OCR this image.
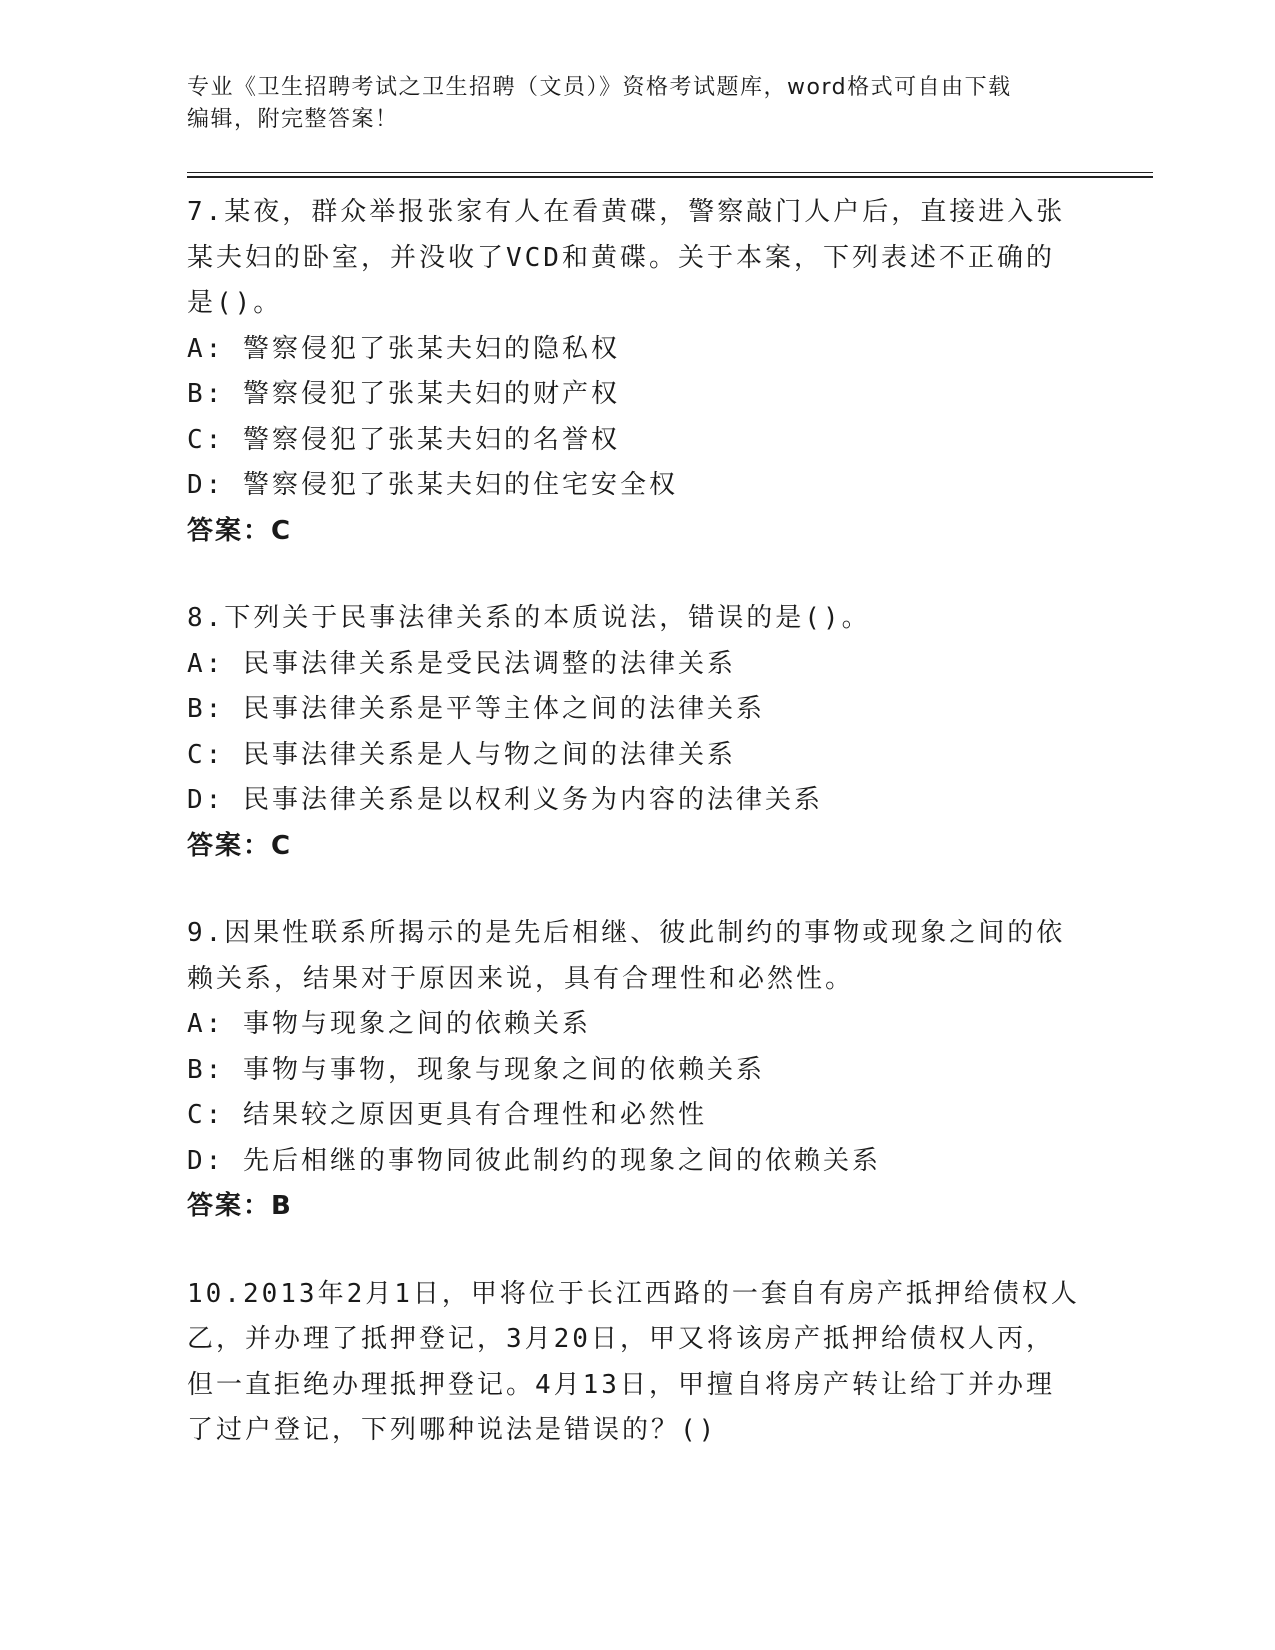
专业《卫生招聘考试之卫生招聘（文员）》资格考试题库，word格式可自由下载
编辑，附完整答案！

7.某夜，群众举报张家有人在看黄碟，警察敲门人户后，直接进入张

某夫妇的卧室，并没收了VCD和黄碟。关于本案，下列表述不正确的

是()。

A: 警察侵犯了张某夫妇的隐私权

B: 警察侵犯了张某夫妇的财产权

C: 警察侵犯了张某夫妇的名誉权

D: 警察侵犯了张某夫妇的住宅安全权

答案：C

8.下列关于民事法律关系的本质说法，错误的是()。

A: 民事法律关系是受民法调整的法律关系

B: 民事法律关系是平等主体之间的法律关系

C: 民事法律关系是人与物之间的法律关系

D: 民事法律关系是以权利义务为内容的法律关系

答案：C

9.因果性联系所揭示的是先后相继、彼此制约的事物或现象之间的依

赖关系，结果对于原因来说，具有合理性和必然性。

A: 事物与现象之间的依赖关系

B: 事物与事物，现象与现象之间的依赖关系

C: 结果较之原因更具有合理性和必然性

D: 先后相继的事物同彼此制约的现象之间的依赖关系

答案：B

10.2013年2月1日，甲将位于长江西路的一套自有房产抵押给债权人

乙，并办理了抵押登记，3月20日，甲又将该房产抵押给债权人丙，

但一直拒绝办理抵押登记。4月13日，甲擅自将房产转让给丁并办理

了过户登记，下列哪种说法是错误的？()
